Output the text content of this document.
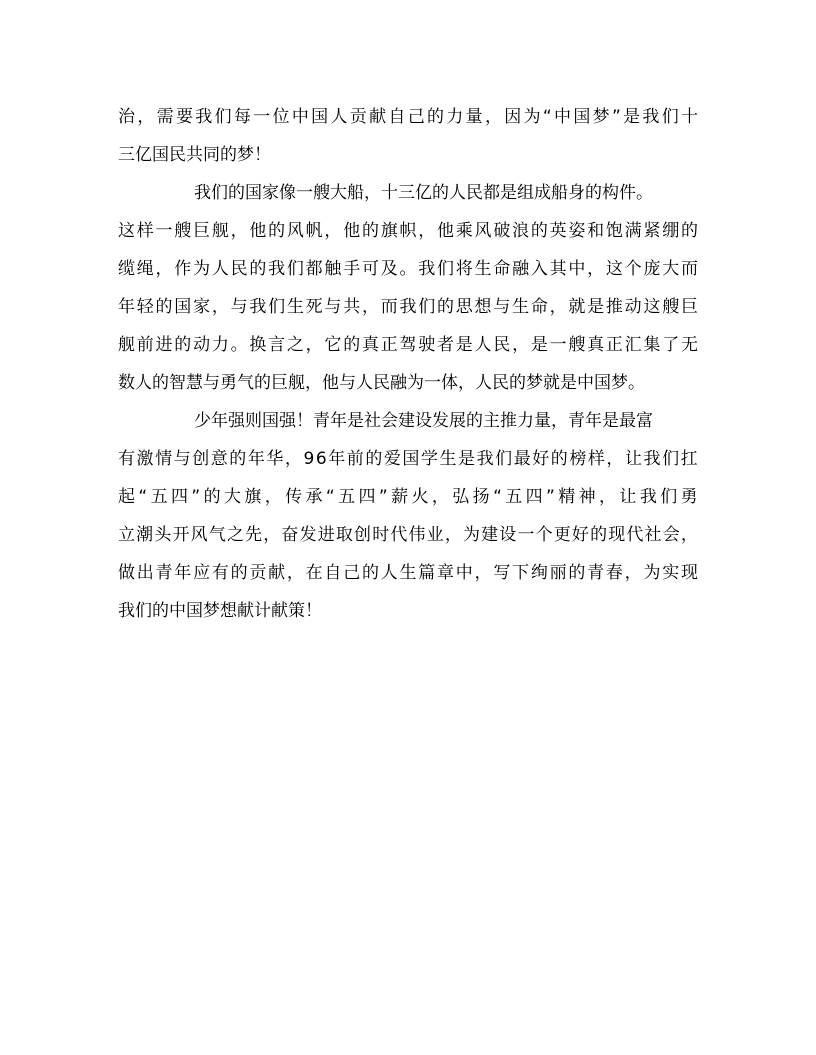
治 ， 需 要 我 们 每 一 位 中 国 人 贡 献 自 己 的 力 量 ， 因 为 “ 中 国 梦 ” 是 我 们 十
三亿国民共同的梦！
我们的国家像一艘大船，十三亿的人民都是组成船身的构件。
这 样 一 艘 巨 舰 ， 他 的 风 帆 ， 他 的 旗 帜 ， 他 乘 风 破 浪 的 英 姿 和 饱 满 紧 绷 的
缆 绳 ， 作 为 人 民 的 我 们 都 触 手 可 及 。 我 们 将 生 命 融 入 其 中 ， 这 个 庞 大 而
年 轻 的 国 家 ， 与 我 们 生 死 与 共 ， 而 我 们 的 思 想 与 生 命 ， 就 是 推 动 这 艘 巨
舰 前 进 的 动 力 。 换 言 之 ， 它 的 真 正 驾 驶 者 是 人 民 ， 是 一 艘 真 正 汇 集 了 无
数人的智慧与勇气的巨舰，他与人民融为一体，人民的梦就是中国梦。
少年强则国强！青年是社会建设发展的主推力量，青年是最富
有 激 情 与 创 意 的 年 华 ， 9 6 年 前 的 爱 国 学 生 是 我 们 最 好 的 榜 样 ， 让 我 们 扛
起 “ 五 四 ” 的 大 旗 ， 传 承 “ 五 四 ” 薪 火 ， 弘 扬 “ 五 四 ” 精 神 ， 让 我 们 勇
立 潮 头 开 风 气 之 先 ， 奋 发 进 取 创 时 代 伟 业 ， 为 建 设 一 个 更 好 的 现 代 社 会 ，
做 出 青 年 应 有 的 贡 献 ， 在 自 己 的 人 生 篇 章 中 ， 写 下 绚 丽 的 青 春 ， 为 实 现
我们的中国梦想献计献策！
